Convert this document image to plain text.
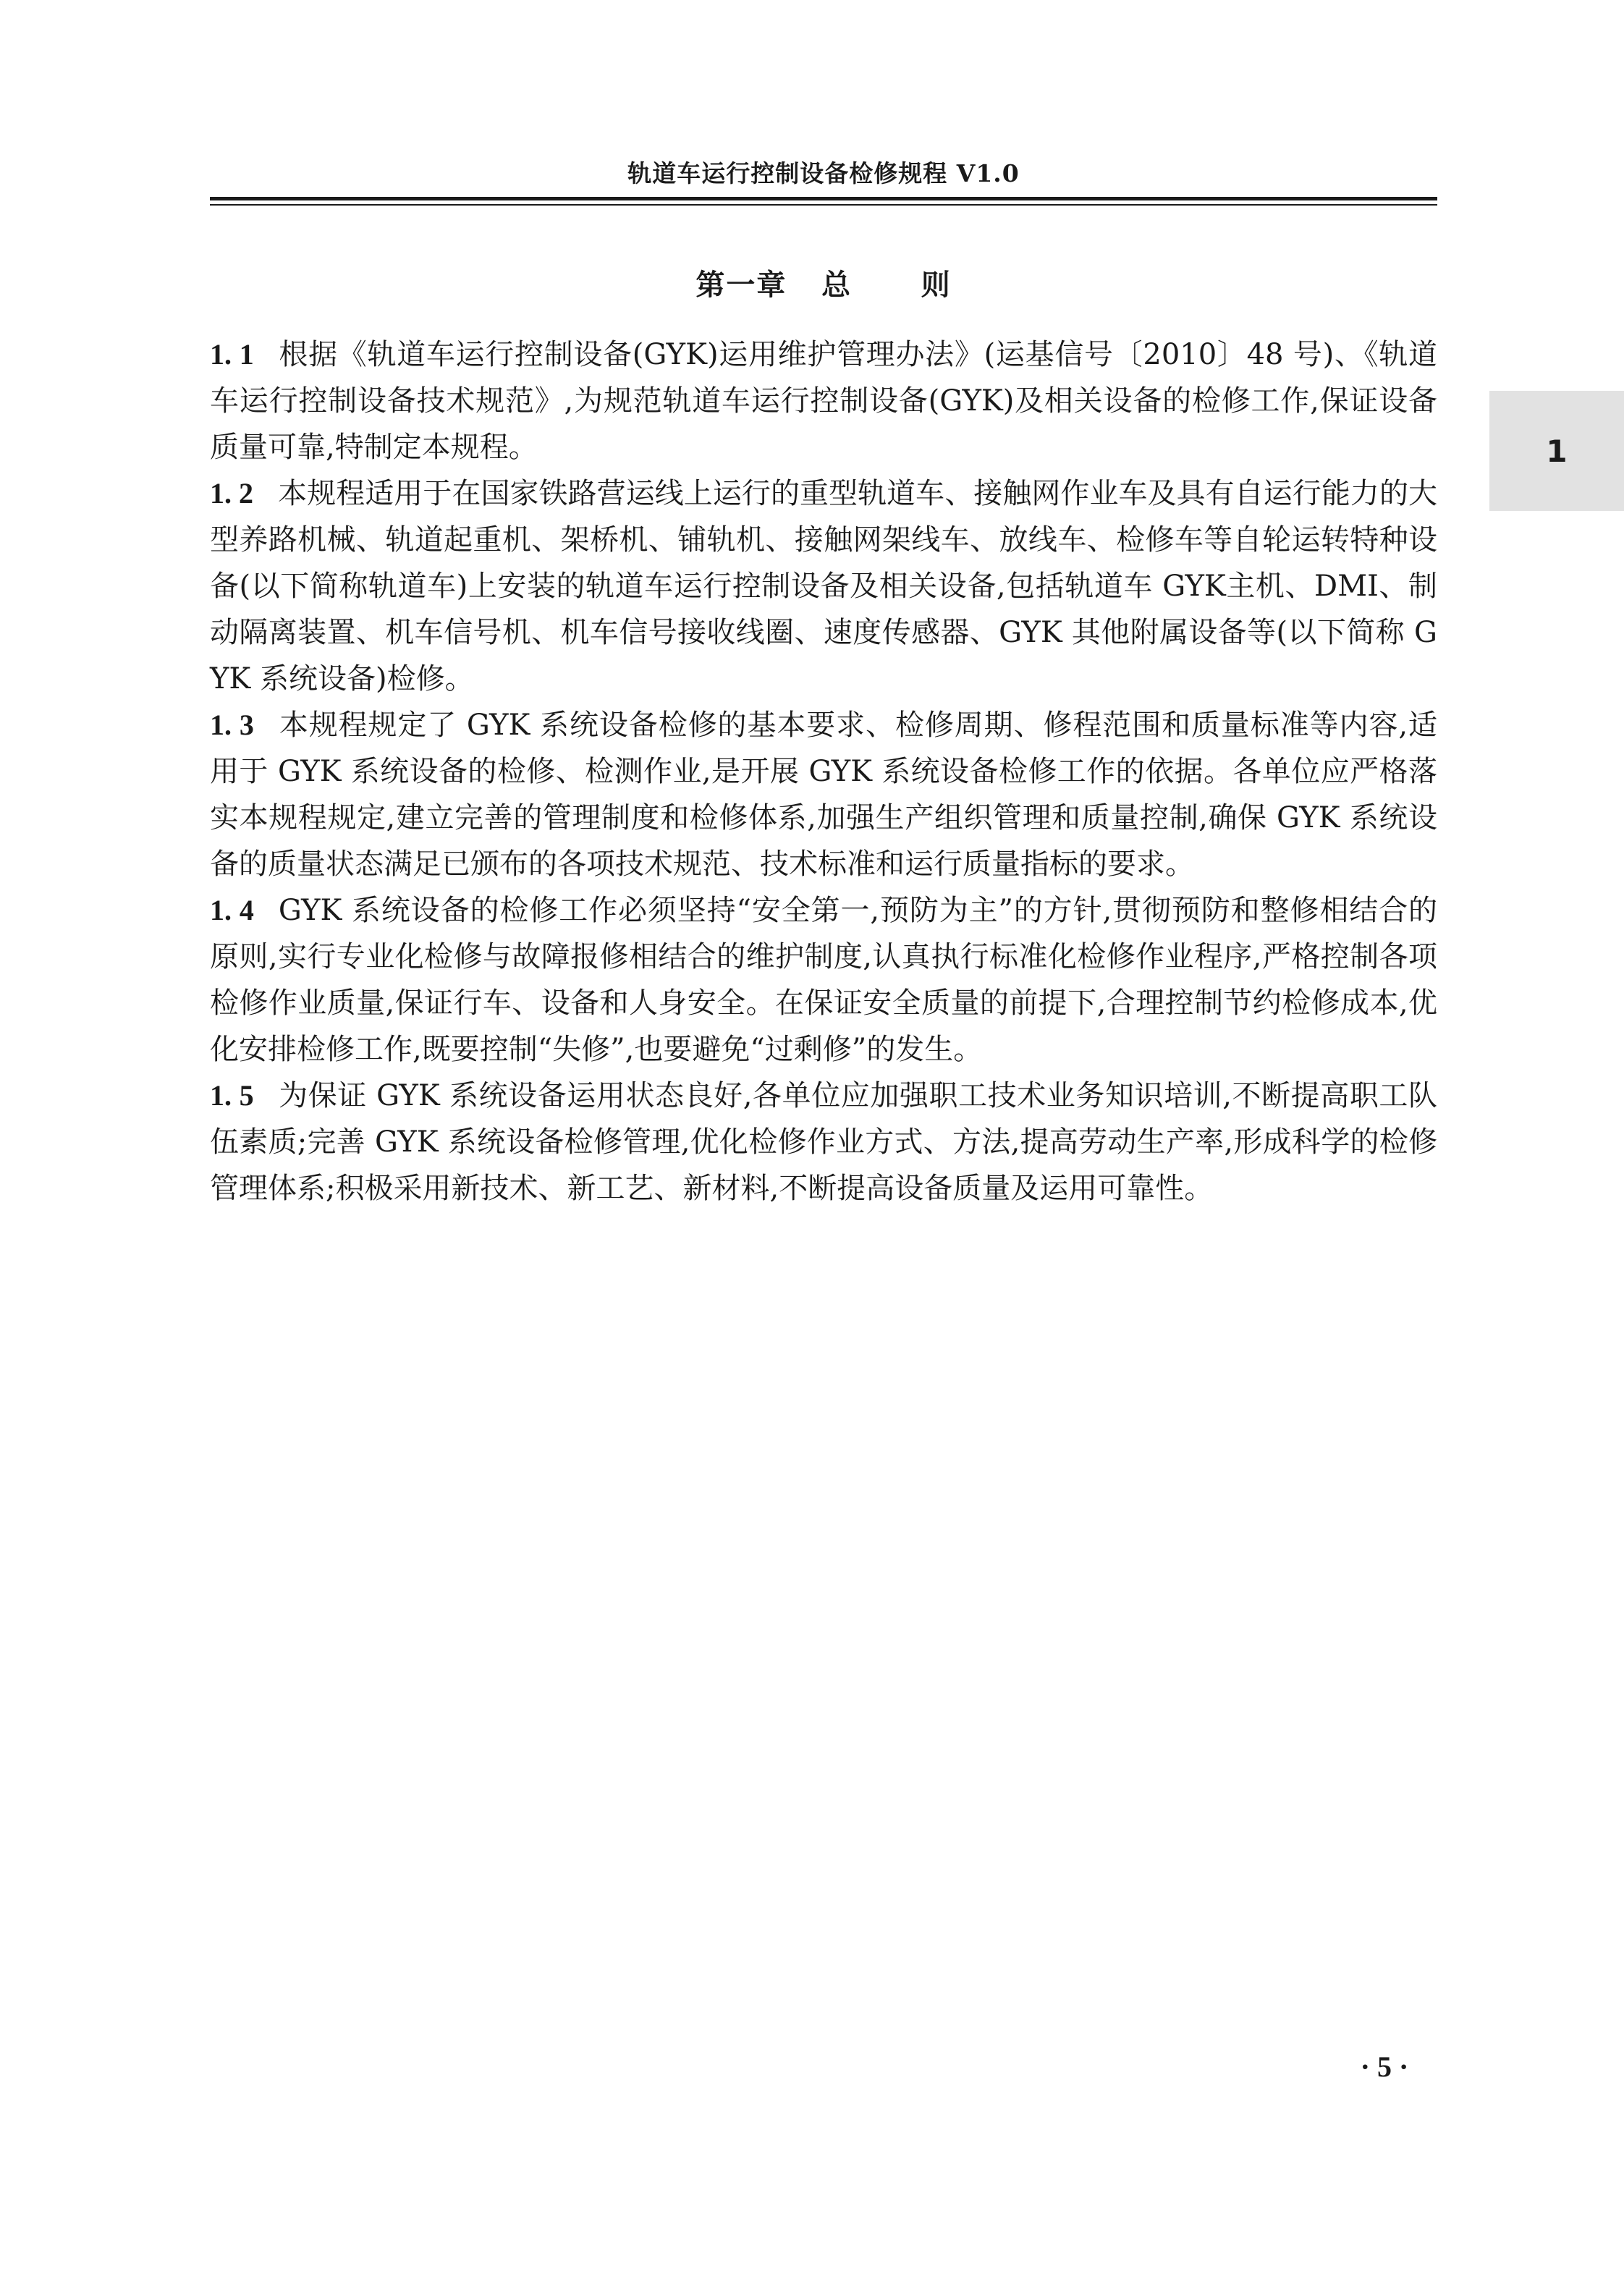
轨道车运行控制设备检修规程 V1.0
第一章   总      则
1

1. 1 根据《轨道车运行控制设备(GYK)运用维护管理办法》(运基信号〔2010〕48 号)、《轨道车运行控制设备技术规范》,为规范轨道车运行控制设备(GYK)及相关设备的检修工作,保证设备质量可靠,特制定本规程。

1. 2 本规程适用于在国家铁路营运线上运行的重型轨道车、接触网作业车及具有自运行能力的大型养路机械、轨道起重机、架桥机、铺轨机、接触网架线车、放线车、检修车等自轮运转特种设备(以下简称轨道车)上安装的轨道车运行控制设备及相关设备,包括轨道车 GYK主机、DMI、制动隔离装置、机车信号机、机车信号接收线圈、速度传感器、GYK 其他附属设备等(以下简称 GYK 系统设备)检修。

1. 3 本规程规定了 GYK 系统设备检修的基本要求、检修周期、修程范围和质量标准等内容,适用于 GYK 系统设备的检修、检测作业,是开展 GYK 系统设备检修工作的依据。各单位应严格落实本规程规定,建立完善的管理制度和检修体系,加强生产组织管理和质量控制,确保 GYK 系统设备的质量状态满足已颁布的各项技术规范、技术标准和运行质量指标的要求。

1. 4 GYK 系统设备的检修工作必须坚持“安全第一,预防为主”的方针,贯彻预防和整修相结合的原则,实行专业化检修与故障报修相结合的维护制度,认真执行标准化检修作业程序,严格控制各项检修作业质量,保证行车、设备和人身安全。在保证安全质量的前提下,合理控制节约检修成本,优化安排检修工作,既要控制“失修”,也要避免“过剩修”的发生。

1. 5 为保证 GYK 系统设备运用状态良好,各单位应加强职工技术业务知识培训,不断提高职工队伍素质;完善 GYK 系统设备检修管理,优化检修作业方式、方法,提高劳动生产率,形成科学的检修管理体系;积极采用新技术、新工艺、新材料,不断提高设备质量及运用可靠性。

· 5 ·
